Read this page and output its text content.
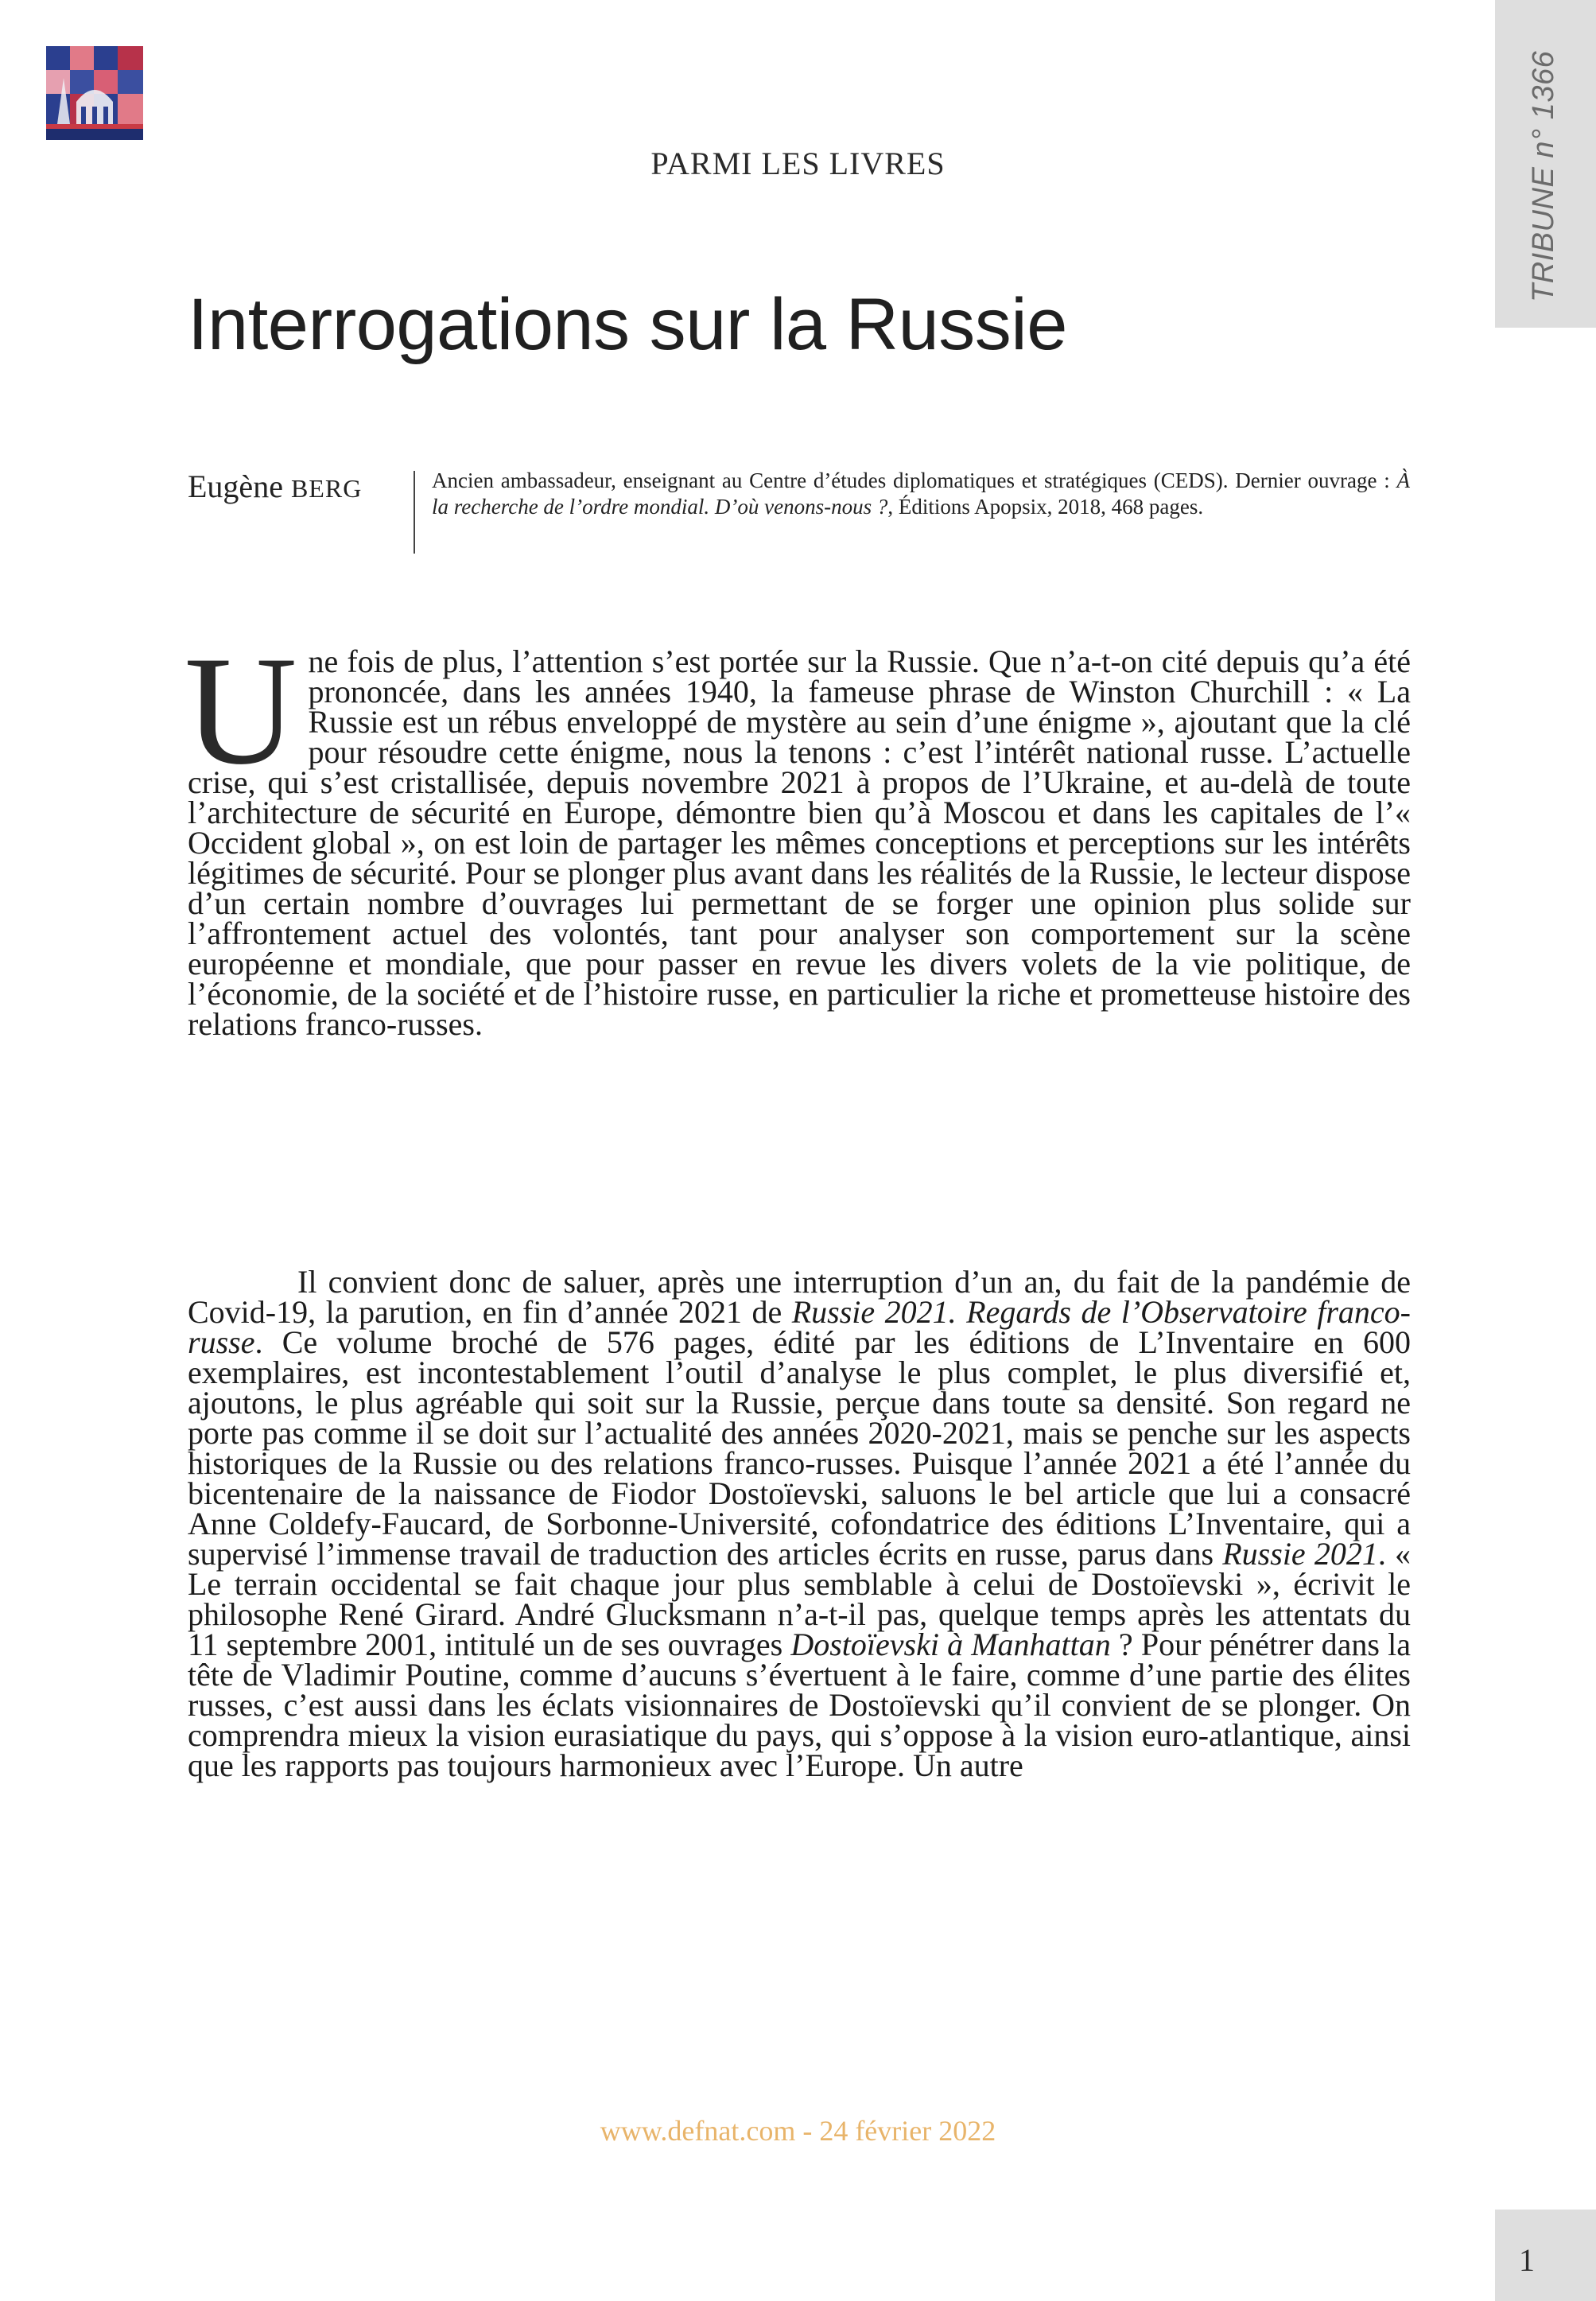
TRIBUNE n° 1366
PARMI LES LIVRES
Interrogations sur la Russie
Eugène BERG	Ancien ambassadeur, enseignant au Centre d’études diplomatiques et stratégiques (CEDS). Dernier ouvrage : À la recherche de l’ordre mondial. D’où venons-nous ?, Éditions Apopsix, 2018, 468 pages.

Une fois de plus, l’attention s’est portée sur la Russie. Que n’a-t-on cité depuis qu’a été prononcée, dans les années 1940, la fameuse phrase de Winston Churchill : « La Russie est un rébus enveloppé de mystère au sein d’une énigme », ajoutant que la clé pour résoudre cette énigme, nous la tenons : c’est l’intérêt national russe. L’actuelle crise, qui s’est cristallisée, depuis novembre 2021 à propos de l’Ukraine, et au-delà de toute l’architecture de sécurité en Europe, démontre bien qu’à Moscou et dans les capitales de l’« Occident global », on est loin de partager les mêmes conceptions et perceptions sur les intérêts légitimes de sécurité. Pour se plonger plus avant dans les réalités de la Russie, le lecteur dispose d’un certain nombre d’ouvrages lui permettant de se forger une opinion plus solide sur l’affrontement actuel des volontés, tant pour analyser son comportement sur la scène européenne et mondiale, que pour passer en revue les divers volets de la vie politique, de l’économie, de la société et de l’histoire russe, en particulier la riche et prometteuse histoire des relations franco-russes.

Il convient donc de saluer, après une interruption d’un an, du fait de la pandémie de Covid-19, la parution, en fin d’année 2021 de Russie 2021. Regards de l’Observatoire franco-russe. Ce volume broché de 576 pages, édité par les éditions de L’Inventaire en 600 exemplaires, est incontestablement l’outil d’analyse le plus complet, le plus diversifié et, ajoutons, le plus agréable qui soit sur la Russie, perçue dans toute sa densité. Son regard ne porte pas comme il se doit sur l’actualité des années 2020-2021, mais se penche sur les aspects historiques de la Russie ou des relations franco-russes. Puisque l’année 2021 a été l’année du bicentenaire de la naissance de Fiodor Dostoïevski, saluons le bel article que lui a consacré Anne Coldefy-Faucard, de Sorbonne-Université, cofondatrice des éditions L’Inventaire, qui a supervisé l’immense travail de traduction des articles écrits en russe, parus dans Russie 2021. « Le terrain occidental se fait chaque jour plus semblable à celui de Dostoïevski », écrivit le philosophe René Girard. André Glucksmann n’a-t-il pas, quelque temps après les attentats du 11 septembre 2001, intitulé un de ses ouvrages Dostoïevski à Manhattan ? Pour pénétrer dans la tête de Vladimir Poutine, comme d’aucuns s’évertuent à le faire, comme d’une partie des élites russes, c’est aussi dans les éclats visionnaires de Dostoïevski qu’il convient de se plonger. On comprendra mieux la vision eurasiatique du pays, qui s’oppose à la vision euro-atlantique, ainsi que les rapports pas toujours harmonieux avec l’Europe. Un autre

www.defnat.com - 24 février 2022
1
